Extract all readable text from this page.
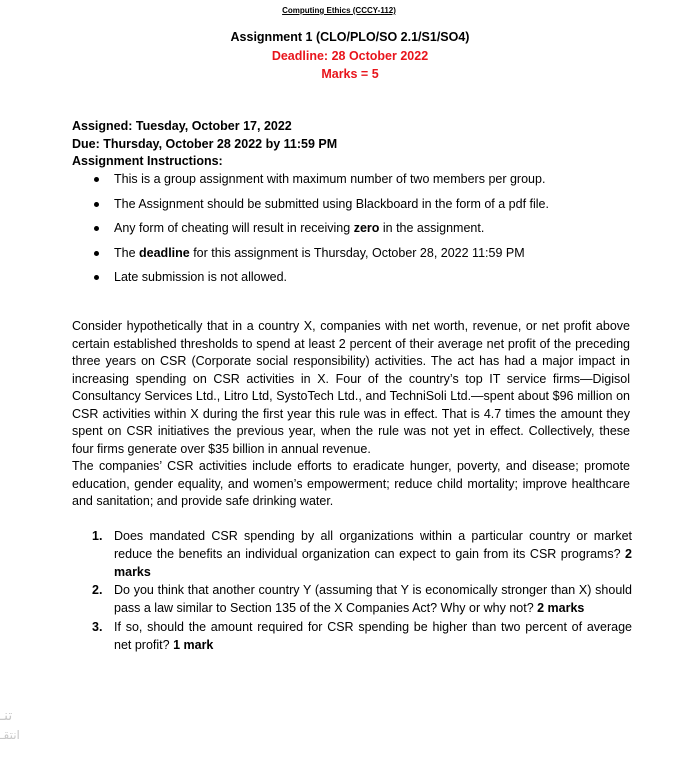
Computing Ethics (CCCY-112)
Assignment 1 (CLO/PLO/SO 2.1/S1/SO4)
Deadline: 28 October 2022
Marks = 5
Assigned: Tuesday, October 17, 2022
Due: Thursday, October 28 2022 by 11:59 PM
Assignment Instructions:
This is a group assignment with maximum number of two members per group.
The Assignment should be submitted using Blackboard in the form of a pdf file.
Any form of cheating will result in receiving zero in the assignment.
The deadline for this assignment is Thursday, October 28, 2022 11:59 PM
Late submission is not allowed.

Consider hypothetically that in a country X, companies with net worth, revenue, or net profit above certain established thresholds to spend at least 2 percent of their average net profit of the preceding three years on CSR (Corporate social responsibility) activities. The act has had a major impact in increasing spending on CSR activities in X. Four of the country’s top IT service firms—Digisol Consultancy Services Ltd., Litro Ltd, SystoTech Ltd., and TechniSoli Ltd.—spent about $96 million on CSR activities within X during the first year this rule was in effect. That is 4.7 times the amount they spent on CSR initiatives the previous year, when the rule was not yet in effect. Collectively, these four firms generate over $35 billion in annual revenue.

The companies’ CSR activities include efforts to eradicate hunger, poverty, and disease; promote education, gender equality, and women’s empowerment; reduce child mortality; improve healthcare and sanitation; and provide safe drinking water.

1. Does mandated CSR spending by all organizations within a particular country or market reduce the benefits an individual organization can expect to gain from its CSR programs? 2 marks
2. Do you think that another country Y (assuming that Y is economically stronger than X) should pass a law similar to Section 135 of the X Companies Act? Why or why not? 2 marks
3. If so, should the amount required for CSR spending be higher than two percent of average net profit? 1 mark
تنـ
انتقـ
